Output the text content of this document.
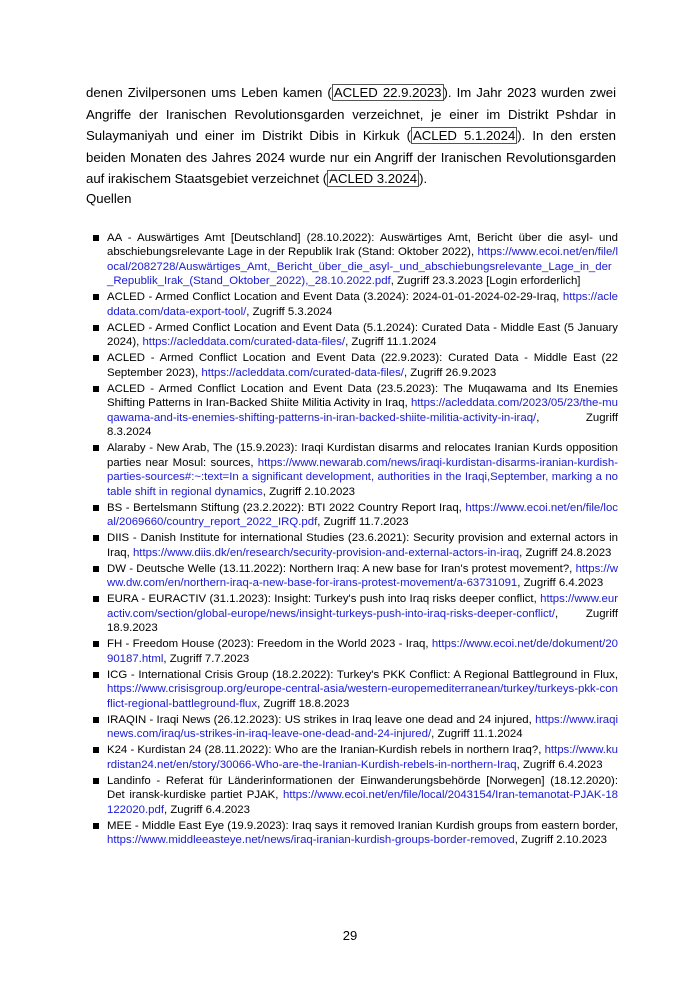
denen Zivilpersonen ums Leben kamen ( ACLED 22.9.2023 ). Im Jahr 2023 wurden zwei Angriffe der Iranischen Revolutionsgarden verzeichnet, je einer im Distrikt Pshdar in Sulaymaniyah und einer im Distrikt Dibis in Kirkuk ( ACLED 5.1.2024 ). In den ersten beiden Monaten des Jahres 2024 wurde nur ein Angriff der Iranischen Revolutionsgarden auf irakischem Staatsgebiet verzeichnet ( ACLED 3.2024 ).

Quellen
AA - Auswärtiges Amt [Deutschland] (28.10.2022): Auswärtiges Amt, Bericht über die asyl- und abschiebungsrelevante Lage in der Republik Irak (Stand: Oktober 2022), https://www.ecoi.net/en/file/local/2082728/Auswärtiges_Amt,_Bericht_über_die_asyl-_und_abschiebungsrelevante_Lage_in_der_Republik_Irak_(Stand_Oktober_2022),_28.10.2022.pdf, Zugriff 23.3.2023 [Login erforderlich]
ACLED - Armed Conflict Location and Event Data (3.2024): 2024-01-01-2024-02-29-Iraq, https://acleddata.com/data-export-tool/, Zugriff 5.3.2024
ACLED - Armed Conflict Location and Event Data (5.1.2024): Curated Data - Middle East (5 January 2024), https://acleddata.com/curated-data-files/, Zugriff 11.1.2024
ACLED - Armed Conflict Location and Event Data (22.9.2023): Curated Data - Middle East (22 September 2023), https://acleddata.com/curated-data-files/, Zugriff 26.9.2023
ACLED - Armed Conflict Location and Event Data (23.5.2023): The Muqawama and Its Enemies Shifting Patterns in Iran-Backed Shiite Militia Activity in Iraq, https://acleddata.com/2023/05/23/the-muqawama-and-its-enemies-shifting-patterns-in-iran-backed-shiite-militia-activity-in-iraq/, Zugriff 8.3.2024
Alaraby - New Arab, The (15.9.2023): Iraqi Kurdistan disarms and relocates Iranian Kurds opposition parties near Mosul: sources, https://www.newarab.com/news/iraqi-kurdistan-disarms-iranian-kurdish-parties-sources#:~:text=In a significant development, authorities in the Iraqi,September, marking a notable shift in regional dynamics, Zugriff 2.10.2023
BS - Bertelsmann Stiftung (23.2.2022): BTI 2022 Country Report Iraq, https://www.ecoi.net/en/file/local/2069660/country_report_2022_IRQ.pdf, Zugriff 11.7.2023
DIIS - Danish Institute for international Studies (23.6.2021): Security provision and external actors in Iraq, https://www.diis.dk/en/research/security-provision-and-external-actors-in-iraq, Zugriff 24.8.2023
DW - Deutsche Welle (13.11.2022): Northern Iraq: A new base for Iran's protest movement?, https://www.dw.com/en/northern-iraq-a-new-base-for-irans-protest-movement/a-63731091, Zugriff 6.4.2023
EURA - EURACTIV (31.1.2023): Insight: Turkey's push into Iraq risks deeper conflict, https://www.euractiv.com/section/global-europe/news/insight-turkeys-push-into-iraq-risks-deeper-conflict/, Zugriff 18.9.2023
FH - Freedom House (2023): Freedom in the World 2023 - Iraq, https://www.ecoi.net/de/dokument/2090187.html, Zugriff 7.7.2023
ICG - International Crisis Group (18.2.2022): Turkey's PKK Conflict: A Regional Battleground in Flux, https://www.crisisgroup.org/europe-central-asia/western-europemediterranean/turkey/turkeys-pkk-conflict-regional-battleground-flux, Zugriff 18.8.2023
IRAQIN - Iraqi News (26.12.2023): US strikes in Iraq leave one dead and 24 injured, https://www.iraqinews.com/iraq/us-strikes-in-iraq-leave-one-dead-and-24-injured/, Zugriff 11.1.2024
K24 - Kurdistan 24 (28.11.2022): Who are the Iranian-Kurdish rebels in northern Iraq?, https://www.kurdistan24.net/en/story/30066-Who-are-the-Iranian-Kurdish-rebels-in-northern-Iraq, Zugriff 6.4.2023
Landinfo - Referat für Länderinformationen der Einwanderungsbehörde [Norwegen] (18.12.2020): Det iransk-kurdiske partiet PJAK, https://www.ecoi.net/en/file/local/2043154/Iran-temanotat-PJAK-18122020.pdf, Zugriff 6.4.2023
MEE - Middle East Eye (19.9.2023): Iraq says it removed Iranian Kurdish groups from eastern border, https://www.middleeasteye.net/news/iraq-iranian-kurdish-groups-border-removed, Zugriff 2.10.2023
29
